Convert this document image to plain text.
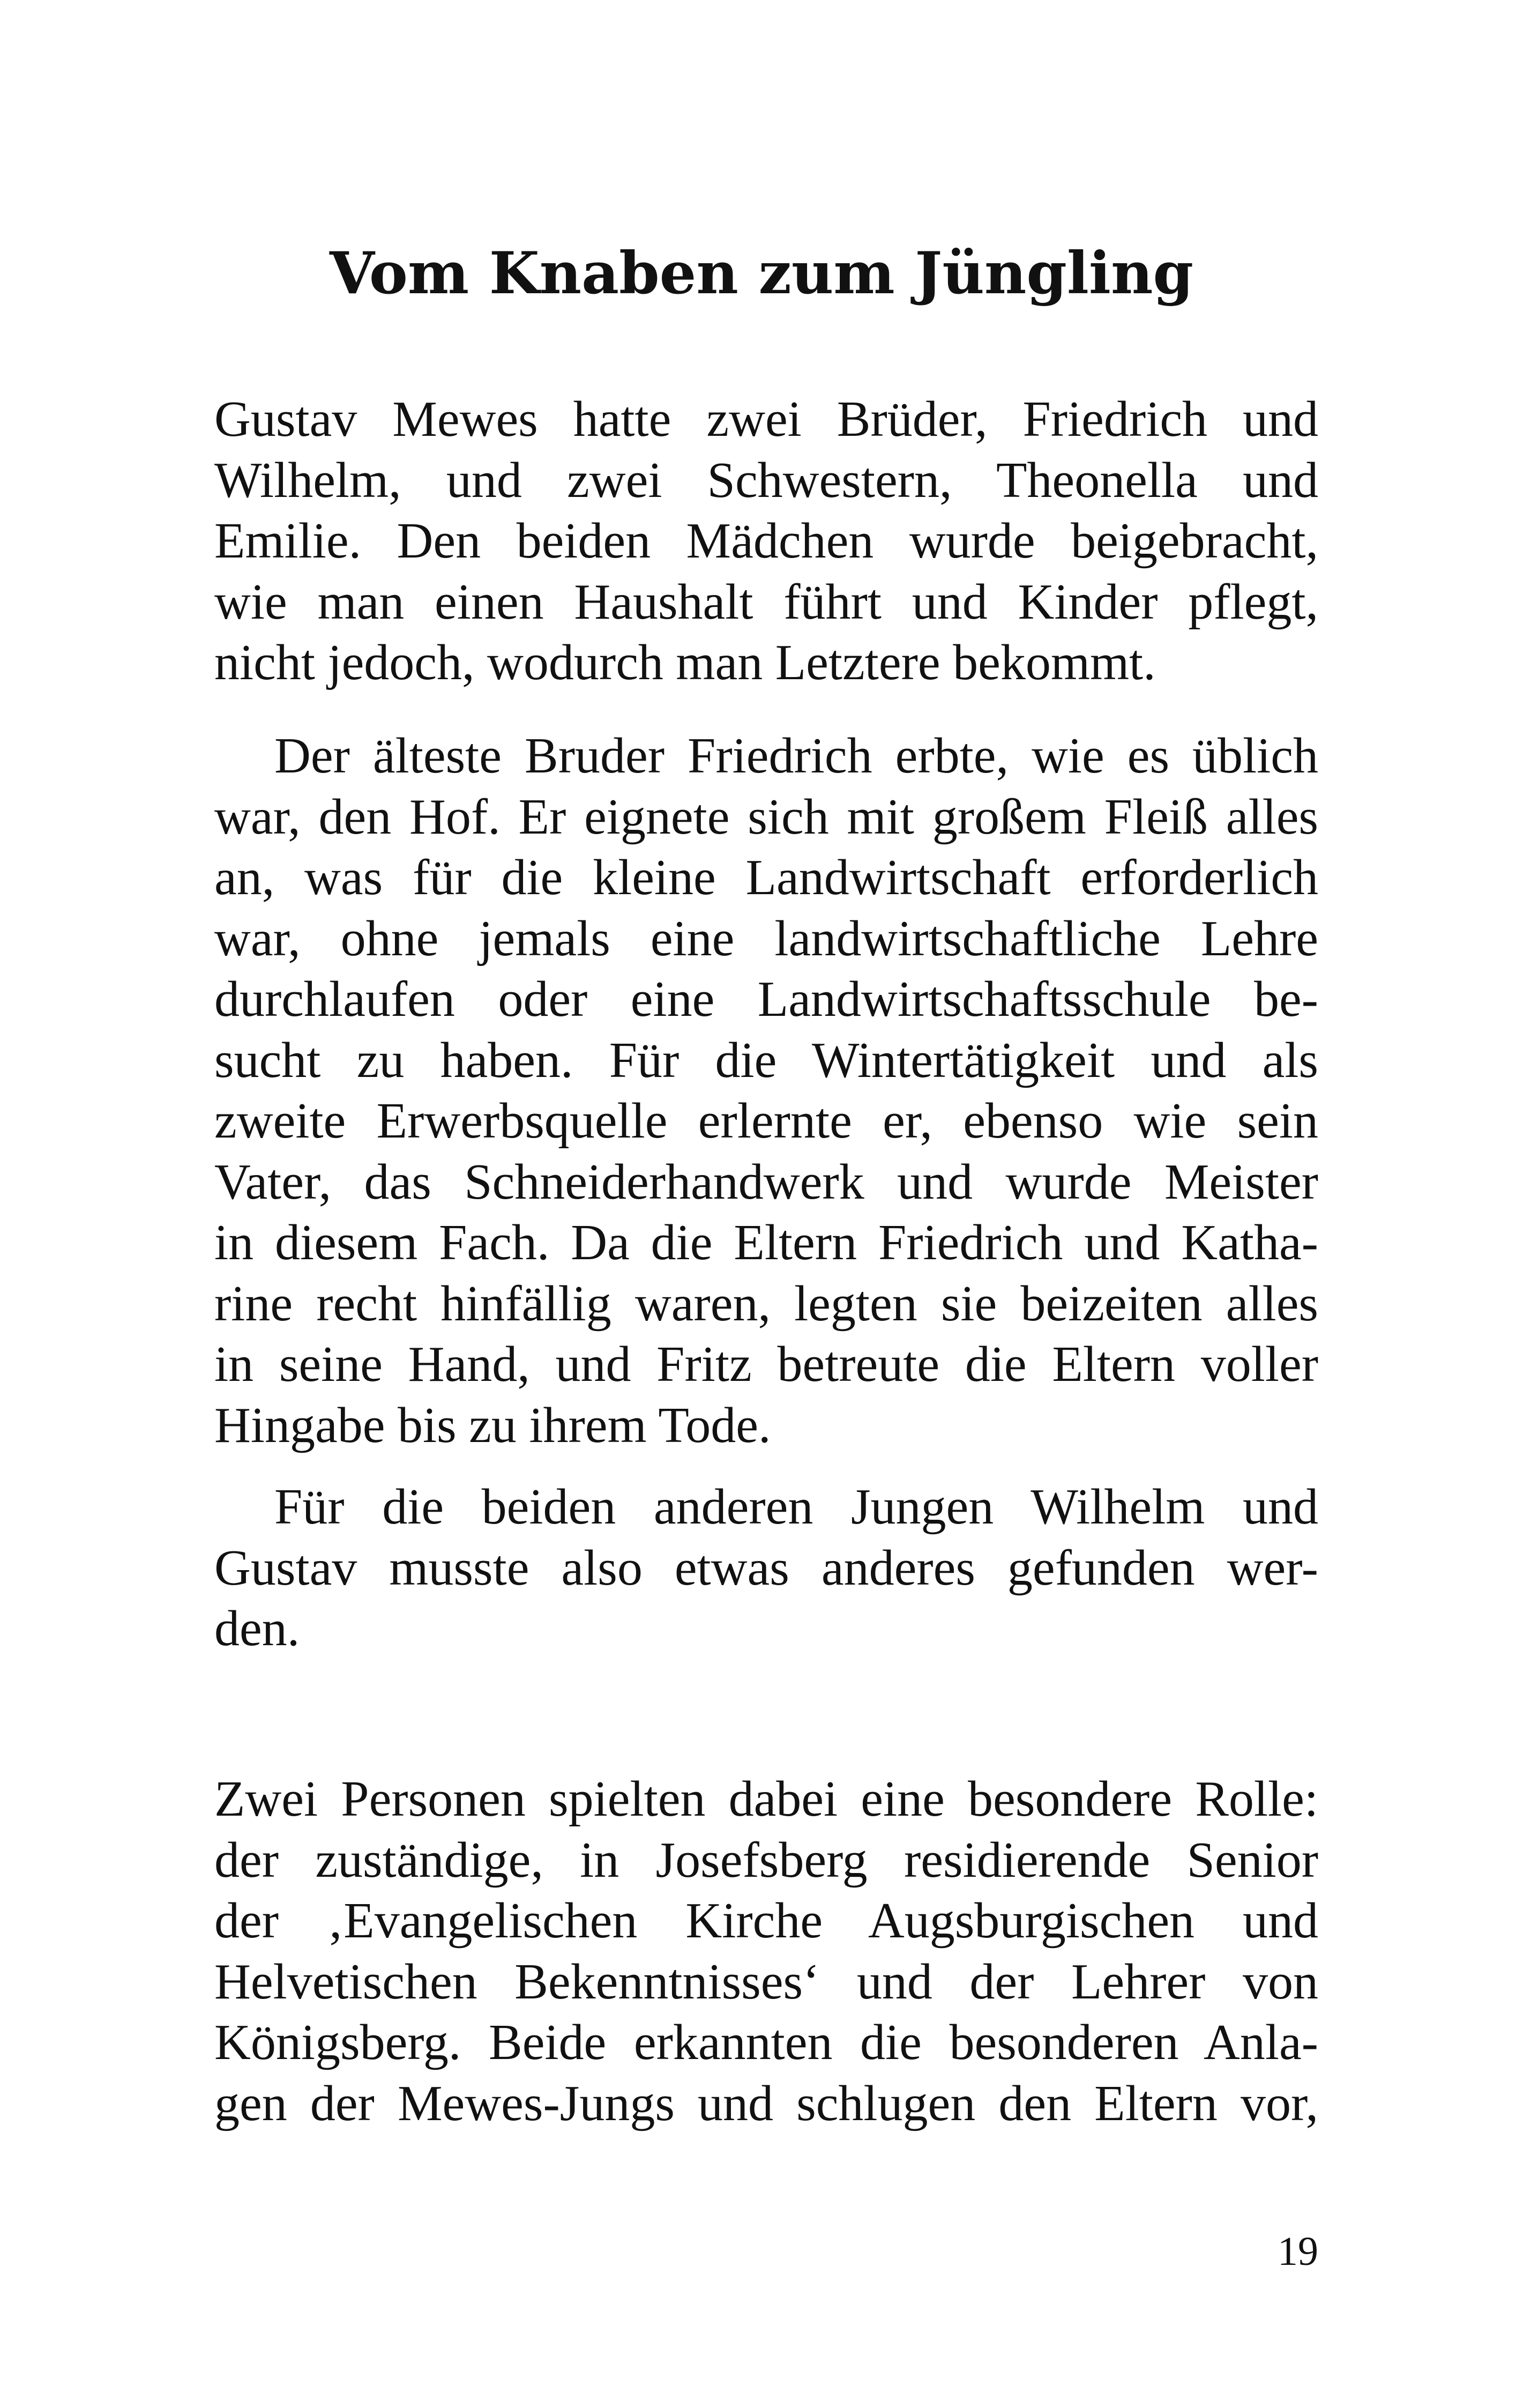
Vom Knaben zum Jüngling
Gustav Mewes hatte zwei Brüder, Friedrich und
Wilhelm, und zwei Schwestern, Theonella und
Emilie. Den beiden Mädchen wurde beigebracht,
wie man einen Haushalt führt und Kinder pflegt,
nicht jedoch, wodurch man Letztere bekommt.
Der älteste Bruder Friedrich erbte, wie es üblich
war, den Hof. Er eignete sich mit großem Fleiß alles
an, was für die kleine Landwirtschaft erforderlich
war, ohne jemals eine landwirtschaftliche Lehre
durchlaufen oder eine Landwirtschaftsschule be-
sucht zu haben. Für die Wintertätigkeit und als
zweite Erwerbsquelle erlernte er, ebenso wie sein
Vater, das Schneiderhandwerk und wurde Meister
in diesem Fach. Da die Eltern Friedrich und Katha-
rine recht hinfällig waren, legten sie beizeiten alles
in seine Hand, und Fritz betreute die Eltern voller
Hingabe bis zu ihrem Tode.
Für die beiden anderen Jungen Wilhelm und
Gustav musste also etwas anderes gefunden wer-
den.
Zwei Personen spielten dabei eine besondere Rolle:
der zuständige, in Josefsberg residierende Senior
der ‚Evangelischen Kirche Augsburgischen und
Helvetischen Bekenntnisses‘ und der Lehrer von
Königsberg. Beide erkannten die besonderen Anla-
gen der Mewes-Jungs und schlugen den Eltern vor,

19
